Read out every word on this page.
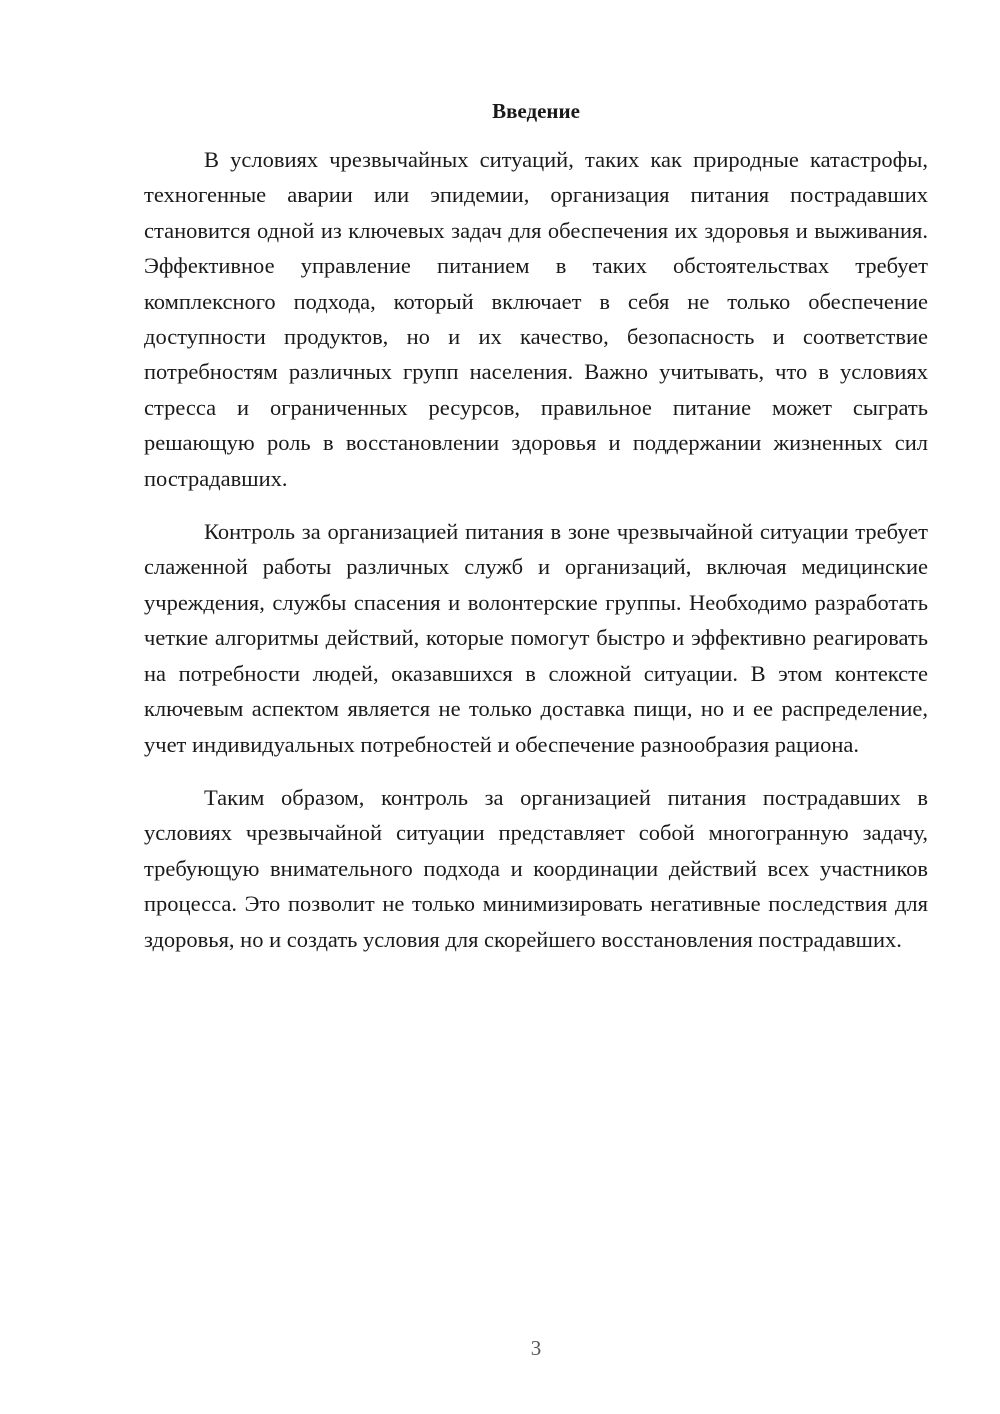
Введение

В условиях чрезвычайных ситуаций, таких как природные катастрофы, техногенные аварии или эпидемии, организация питания пострадавших становится одной из ключевых задач для обеспечения их здоровья и выживания. Эффективное управление питанием в таких обстоятельствах требует комплексного подхода, который включает в себя не только обеспечение доступности продуктов, но и их качество, безопасность и соответствие потребностям различных групп населения. Важно учитывать, что в условиях стресса и ограниченных ресурсов, правильное питание может сыграть решающую роль в восстановлении здоровья и поддержании жизненных сил пострадавших.

Контроль за организацией питания в зоне чрезвычайной ситуации требует слаженной работы различных служб и организаций, включая медицинские учреждения, службы спасения и волонтерские группы. Необходимо разработать четкие алгоритмы действий, которые помогут быстро и эффективно реагировать на потребности людей, оказавшихся в сложной ситуации. В этом контексте ключевым аспектом является не только доставка пищи, но и ее распределение, учет индивидуальных потребностей и обеспечение разнообразия рациона.

Таким образом, контроль за организацией питания пострадавших в условиях чрезвычайной ситуации представляет собой многогранную задачу, требующую внимательного подхода и координации действий всех участников процесса. Это позволит не только минимизировать негативные последствия для здоровья, но и создать условия для скорейшего восстановления пострадавших.

3
